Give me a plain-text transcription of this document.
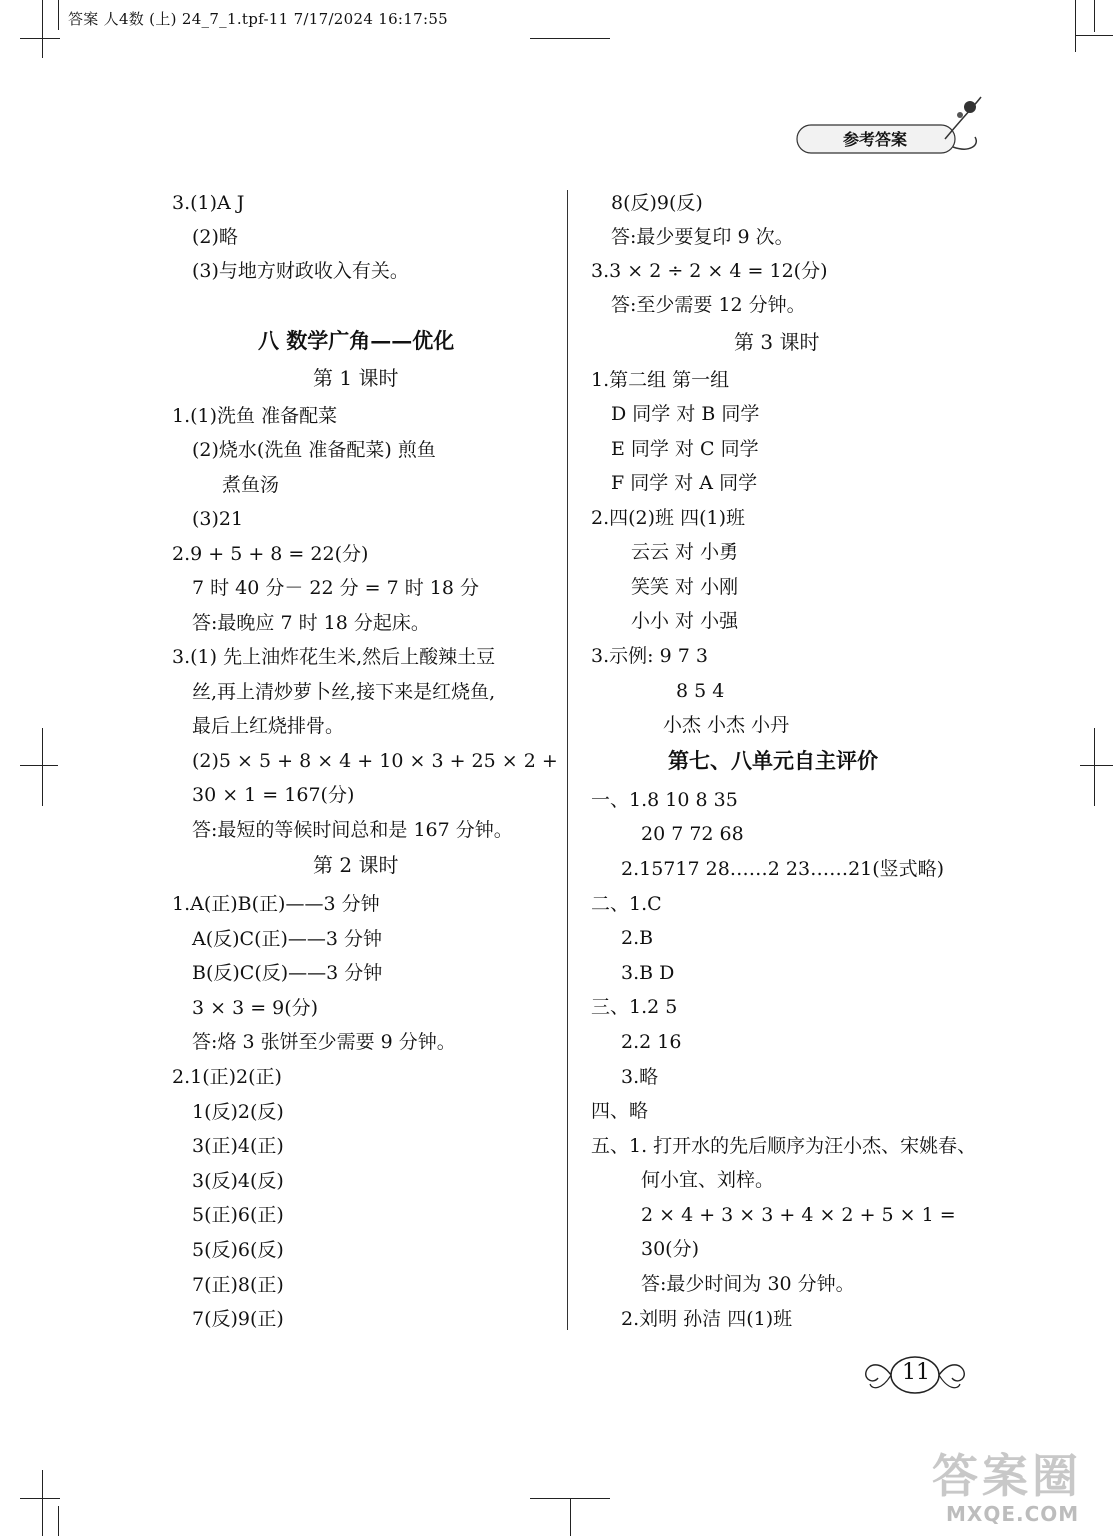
答案 人4数 (上) 24_7_1.tpf-11 7/17/2024 16:17:55
参考答案
3.(1)A J
(2)略
(3)与地方财政收入有关。
八 数学广角——优化
第 1 课时
1.(1)洗鱼 准备配菜
(2)烧水(洗鱼 准备配菜) 煎鱼
煮鱼汤
(3)21
2.9 + 5 + 8 = 22(分)
7 时 40 分－ 22 分 = 7 时 18 分
答:最晚应 7 时 18 分起床。
3.(1) 先上油炸花生米,然后上酸辣土豆
丝,再上清炒萝卜丝,接下来是红烧鱼,
最后上红烧排骨。
(2)5 × 5 + 8 × 4 + 10 × 3 + 25 × 2 +
30 × 1 = 167(分)
答:最短的等候时间总和是 167 分钟。
第 2 课时
1.A(正)B(正)——3 分钟
A(反)C(正)——3 分钟
B(反)C(反)——3 分钟
3 × 3 = 9(分)
答:烙 3 张饼至少需要 9 分钟。
2.1(正)2(正)
1(反)2(反)
3(正)4(正)
3(反)4(反)
5(正)6(正)
5(反)6(反)
7(正)8(正)
7(反)9(正)
8(反)9(反)
答:最少要复印 9 次。
3.3 × 2 ÷ 2 × 4 = 12(分)
答:至少需要 12 分钟。
第 3 课时
1.第二组 第一组
D 同学 对 B 同学
E 同学 对 C 同学
F 同学 对 A 同学
2.四(2)班 四(1)班
云云 对 小勇
笑笑 对 小刚
小小 对 小强
3.示例: 9 7 3
8 5 4
小杰 小杰 小丹
第七、八单元自主评价
一、1.8 10 8 35
20 7 72 68
2.15717 28……2 23……21(竖式略)
二、1.C
2.B
3.B D
三、1.2 5
2.2 16
3.略
四、略
五、1. 打开水的先后顺序为汪小杰、宋姚春、
何小宜、刘梓。
2 × 4 + 3 × 3 + 4 × 2 + 5 × 1 =
30(分)
答:最少时间为 30 分钟。
2.刘明 孙洁 四(1)班
11
答案圈
MXQE.COM
